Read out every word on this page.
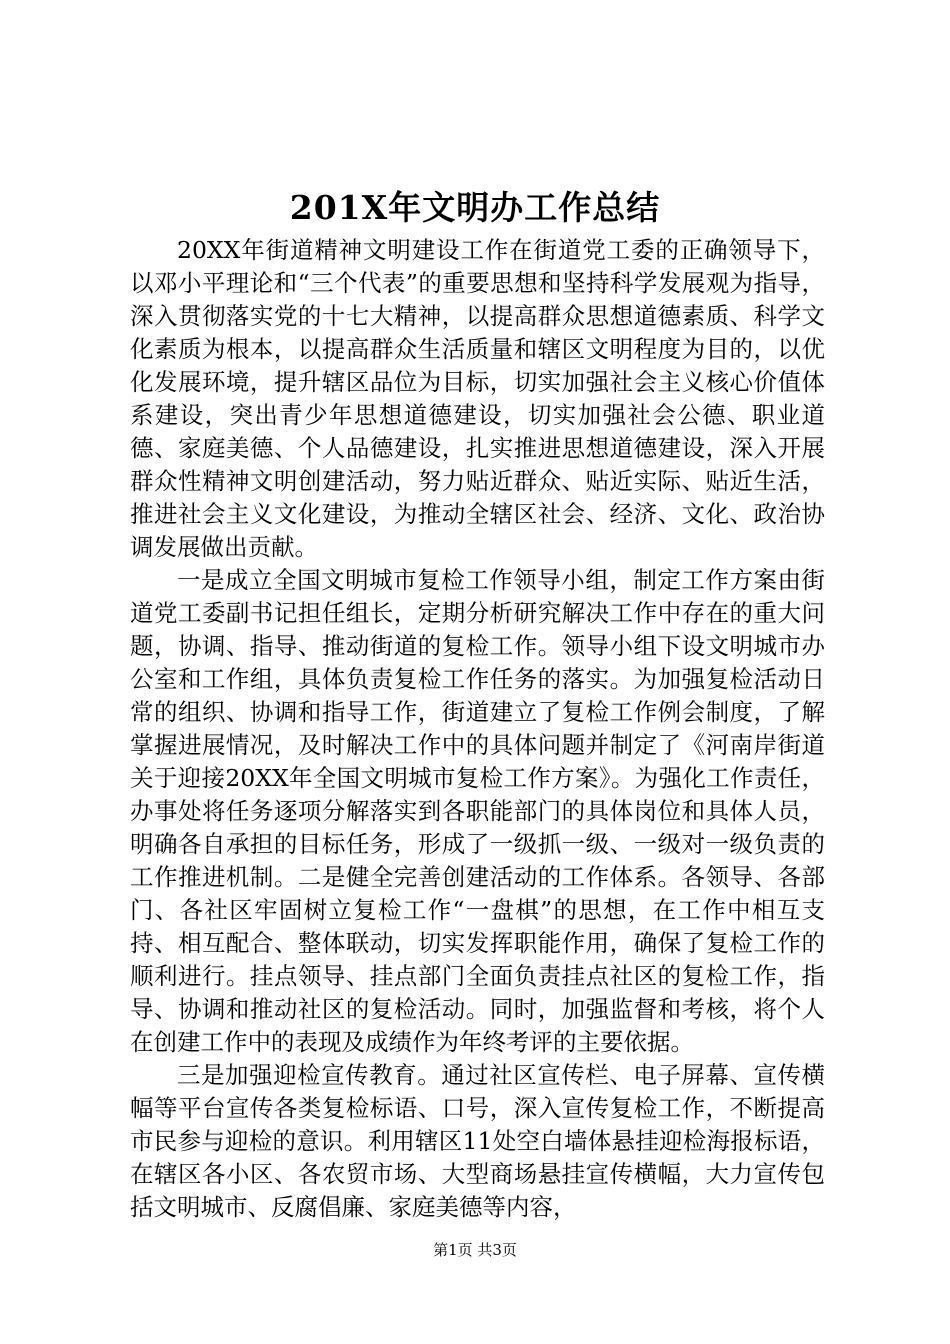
201X年文明办工作总结

20XX年街道精神文明建设工作在街道党工委的正确领导下，以邓小平理论和“三个代表”的重要思想和坚持科学发展观为指导，深入贯彻落实党的十七大精神，以提高群众思想道德素质、科学文化素质为根本，以提高群众生活质量和辖区文明程度为目的，以优化发展环境，提升辖区品位为目标，切实加强社会主义核心价值体系建设，突出青少年思想道德建设，切实加强社会公德、职业道德、家庭美德、个人品德建设，扎实推进思想道德建设，深入开展群众性精神文明创建活动，努力贴近群众、贴近实际、贴近生活，推进社会主义文化建设，为推动全辖区社会、经济、文化、政治协调发展做出贡献。

一是成立全国文明城市复检工作领导小组，制定工作方案由街道党工委副书记担任组长，定期分析研究解决工作中存在的重大问题，协调、指导、推动街道的复检工作。领导小组下设文明城市办公室和工作组，具体负责复检工作任务的落实。为加强复检活动日常的组织、协调和指导工作，街道建立了复检工作例会制度，了解掌握进展情况，及时解决工作中的具体问题并制定了《河南岸街道关于迎接20XX年全国文明城市复检工作方案》。为强化工作责任，办事处将任务逐项分解落实到各职能部门的具体岗位和具体人员，明确各自承担的目标任务，形成了一级抓一级、一级对一级负责的工作推进机制。二是健全完善创建活动的工作体系。各领导、各部门、各社区牢固树立复检工作“一盘棋”的思想，在工作中相互支持、相互配合、整体联动，切实发挥职能作用，确保了复检工作的顺利进行。挂点领导、挂点部门全面负责挂点社区的复检工作，指导、协调和推动社区的复检活动。同时，加强监督和考核，将个人在创建工作中的表现及成绩作为年终考评的主要依据。

三是加强迎检宣传教育。通过社区宣传栏、电子屏幕、宣传横幅等平台宣传各类复检标语、口号，深入宣传复检工作，不断提高市民参与迎检的意识。利用辖区11处空白墙体悬挂迎检海报标语，在辖区各小区、各农贸市场、大型商场悬挂宣传横幅，大力宣传包括文明城市、反腐倡廉、家庭美德等内容，

第1页 共3页
